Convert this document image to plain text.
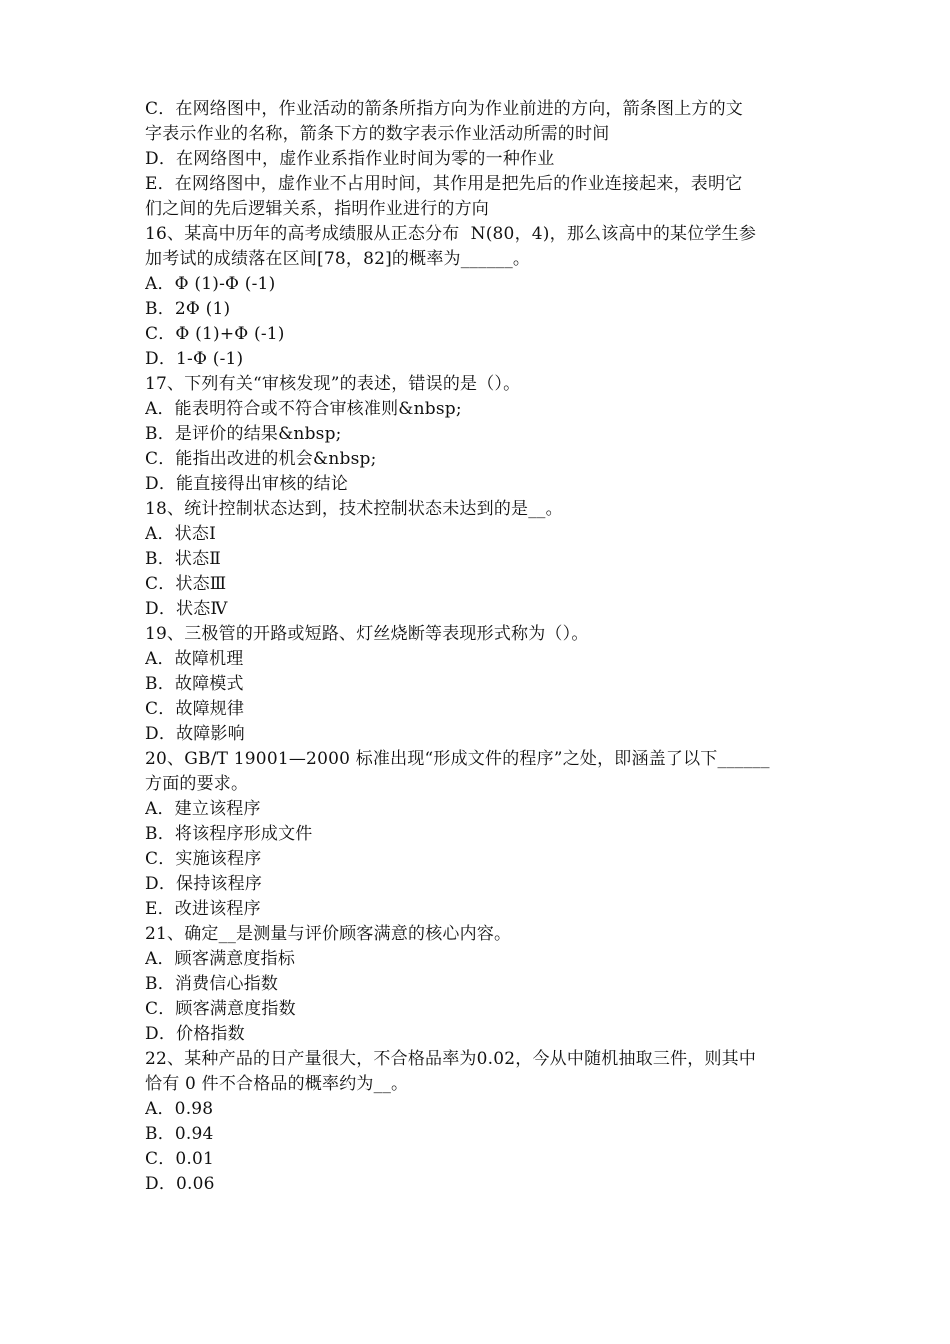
C．在网络图中，作业活动的箭条所指方向为作业前进的方向，箭条图上方的文
字表示作业的名称，箭条下方的数字表示作业活动所需的时间
D．在网络图中，虚作业系指作业时间为零的一种作业
E．在网络图中，虚作业不占用时间，其作用是把先后的作业连接起来，表明它
们之间的先后逻辑关系，指明作业进行的方向
16、某高中历年的高考成绩服从正态分布  N(80，4)，那么该高中的某位学生参
加考试的成绩落在区间[78，82]的概率为______。
A．Φ (1)-Φ (-1)
B．2Φ (1)
C．Φ (1)+Φ (-1)
D．1-Φ (-1)
17、下列有关“审核发现”的表述，错误的是（）。
A．能表明符合或不符合审核准则&nbsp;
B．是评价的结果&nbsp;
C．能指出改进的机会&nbsp;
D．能直接得出审核的结论
18、统计控制状态达到，技术控制状态未达到的是__。
A．状态Ⅰ
B．状态Ⅱ
C．状态Ⅲ
D．状态Ⅳ
19、三极管的开路或短路、灯丝烧断等表现形式称为（）。
A．故障机理
B．故障模式
C．故障规律
D．故障影响
20、GB/T 19001—2000 标准出现“形成文件的程序”之处，即涵盖了以下______
方面的要求。
A．建立该程序
B．将该程序形成文件
C．实施该程序
D．保持该程序
E．改进该程序
21、确定__是测量与评价顾客满意的核心内容。
A．顾客满意度指标
B．消费信心指数
C．顾客满意度指数
D．价格指数
22、某种产品的日产量很大，不合格品率为0.02，今从中随机抽取三件，则其中
恰有 0 件不合格品的概率约为__。
A．0.98
B．0.94
C．0.01
D．0.06
